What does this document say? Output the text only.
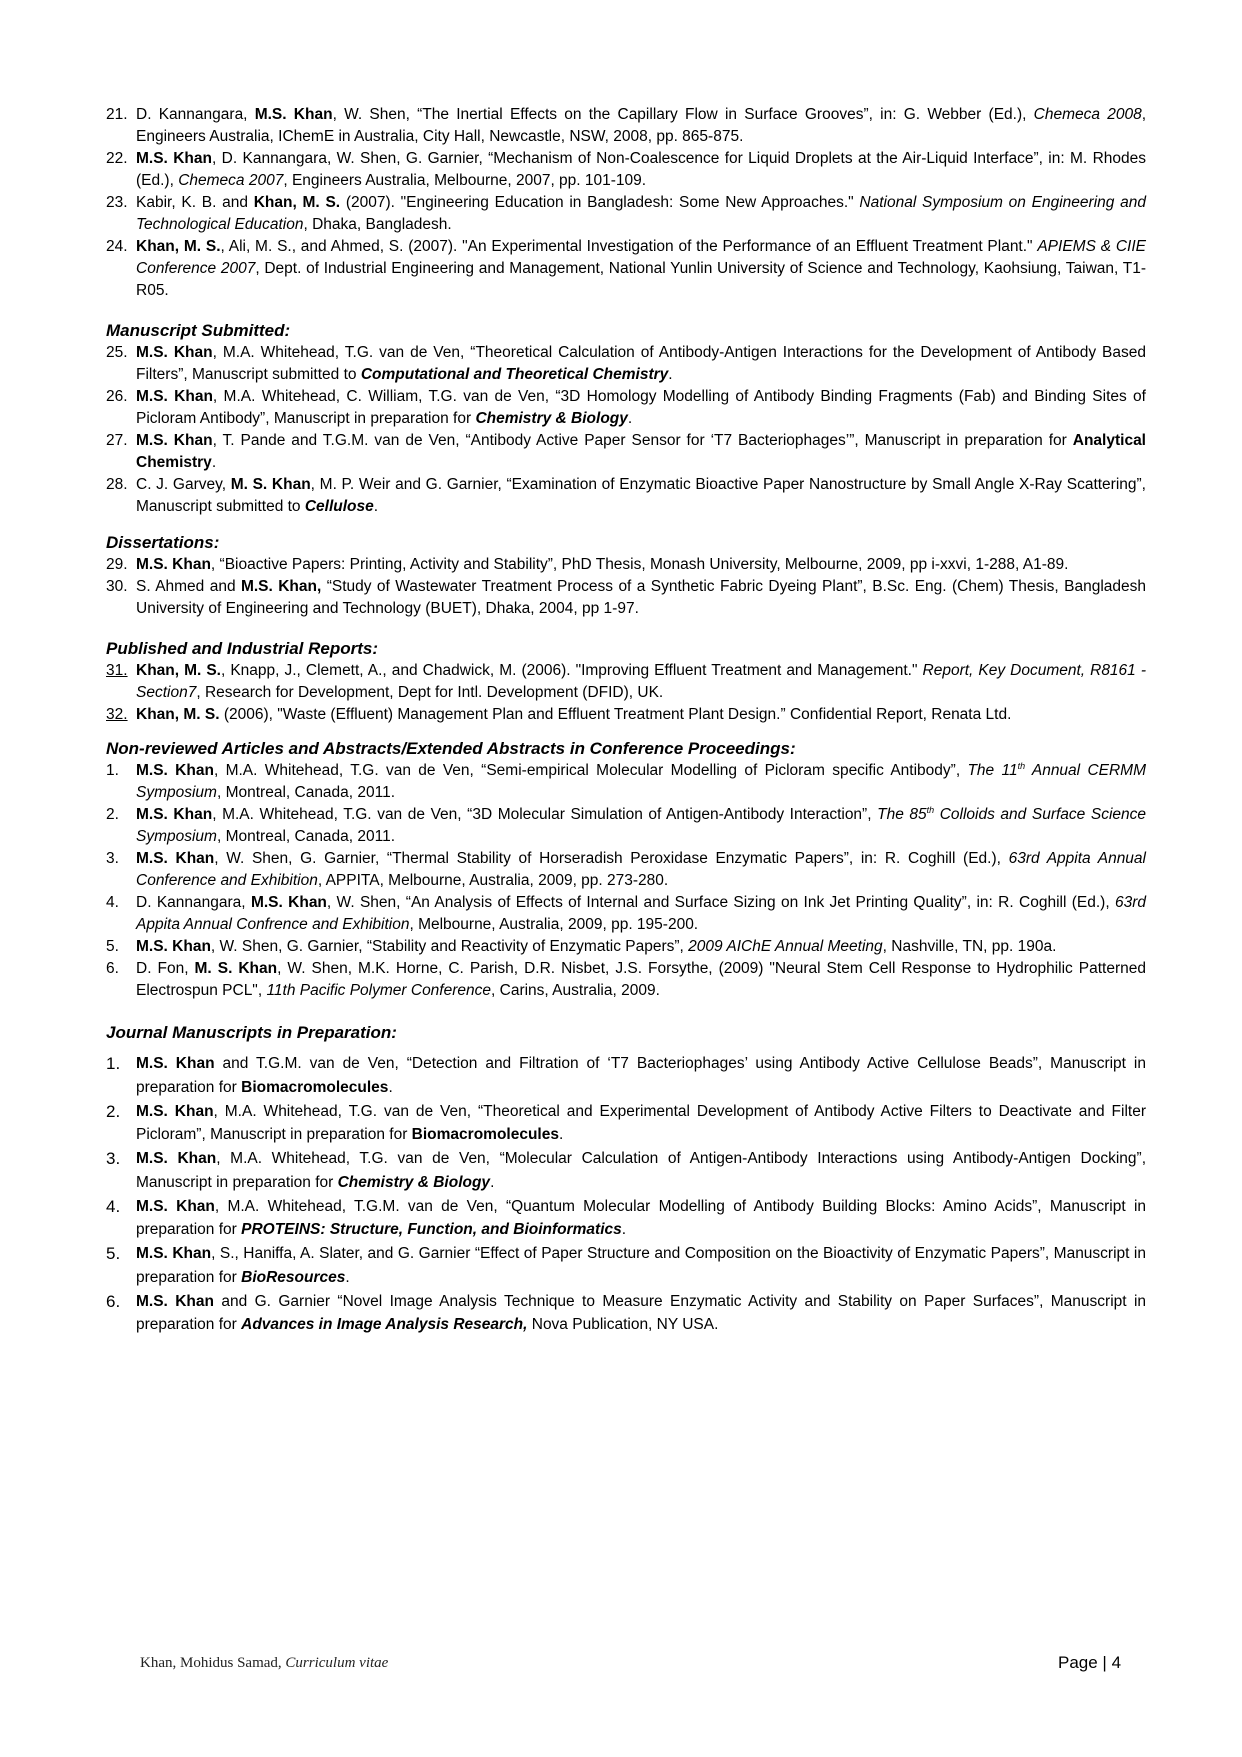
21. D. Kannangara, M.S. Khan, W. Shen, “The Inertial Effects on the Capillary Flow in Surface Grooves”, in: G. Webber (Ed.), Chemeca 2008, Engineers Australia, IChemE in Australia, City Hall, Newcastle, NSW, 2008, pp. 865-875.
22. M.S. Khan, D. Kannangara, W. Shen, G. Garnier, “Mechanism of Non-Coalescence for Liquid Droplets at the Air-Liquid Interface”, in: M. Rhodes (Ed.), Chemeca 2007, Engineers Australia, Melbourne, 2007, pp. 101-109.
23. Kabir, K. B. and Khan, M. S. (2007). "Engineering Education in Bangladesh: Some New Approaches." National Symposium on Engineering and Technological Education, Dhaka, Bangladesh.
24. Khan, M. S., Ali, M. S., and Ahmed, S. (2007). "An Experimental Investigation of the Performance of an Effluent Treatment Plant." APIEMS & CIIE Conference 2007, Dept. of Industrial Engineering and Management, National Yunlin University of Science and Technology, Kaohsiung, Taiwan, T1-R05.
Manuscript Submitted:
25. M.S. Khan, M.A. Whitehead, T.G. van de Ven, “Theoretical Calculation of Antibody-Antigen Interactions for the Development of Antibody Based Filters”, Manuscript submitted to Computational and Theoretical Chemistry.
26. M.S. Khan, M.A. Whitehead, C. William, T.G. van de Ven, “3D Homology Modelling of Antibody Binding Fragments (Fab) and Binding Sites of Picloram Antibody”, Manuscript in preparation for Chemistry & Biology.
27. M.S. Khan, T. Pande and T.G.M. van de Ven, “Antibody Active Paper Sensor for ‘T7 Bacteriophages’”, Manuscript in preparation for Analytical Chemistry.
28. C. J. Garvey, M. S. Khan, M. P. Weir and G. Garnier, “Examination of Enzymatic Bioactive Paper Nanostructure by Small Angle X-Ray Scattering”, Manuscript submitted to Cellulose.
Dissertations:
29. M.S. Khan, “Bioactive Papers: Printing, Activity and Stability”, PhD Thesis, Monash University, Melbourne, 2009, pp i-xxvi, 1-288, A1-89.
30. S. Ahmed and M.S. Khan, “Study of Wastewater Treatment Process of a Synthetic Fabric Dyeing Plant”, B.Sc. Eng. (Chem) Thesis, Bangladesh University of Engineering and Technology (BUET), Dhaka, 2004, pp 1-97.
Published and Industrial Reports:
31. Khan, M. S., Knapp, J., Clemett, A., and Chadwick, M. (2006). "Improving Effluent Treatment and Management." Report, Key Document, R8161 - Section7, Research for Development, Dept for Intl. Development (DFID), UK.
32. Khan, M. S. (2006), "Waste (Effluent) Management Plan and Effluent Treatment Plant Design.” Confidential Report, Renata Ltd.
Non-reviewed Articles and Abstracts/Extended Abstracts in Conference Proceedings:
1. M.S. Khan, M.A. Whitehead, T.G. van de Ven, “Semi-empirical Molecular Modelling of Picloram specific Antibody”, The 11th Annual CERMM Symposium, Montreal, Canada, 2011.
2. M.S. Khan, M.A. Whitehead, T.G. van de Ven, “3D Molecular Simulation of Antigen-Antibody Interaction”, The 85th Colloids and Surface Science Symposium, Montreal, Canada, 2011.
3. M.S. Khan, W. Shen, G. Garnier, “Thermal Stability of Horseradish Peroxidase Enzymatic Papers”, in: R. Coghill (Ed.), 63rd Appita Annual Conference and Exhibition, APPITA, Melbourne, Australia, 2009, pp. 273-280.
4. D. Kannangara, M.S. Khan, W. Shen, “An Analysis of Effects of Internal and Surface Sizing on Ink Jet Printing Quality”, in: R. Coghill (Ed.), 63rd Appita Annual Confrence and Exhibition, Melbourne, Australia, 2009, pp. 195-200.
5. M.S. Khan, W. Shen, G. Garnier, “Stability and Reactivity of Enzymatic Papers”, 2009 AIChE Annual Meeting, Nashville, TN, pp. 190a.
6. D. Fon, M. S. Khan, W. Shen, M.K. Horne, C. Parish, D.R. Nisbet, J.S. Forsythe, (2009) "Neural Stem Cell Response to Hydrophilic Patterned Electrospun PCL", 11th Pacific Polymer Conference, Carins, Australia, 2009.
Journal Manuscripts in Preparation:
1. M.S. Khan and T.G.M. van de Ven, “Detection and Filtration of ‘T7 Bacteriophages’ using Antibody Active Cellulose Beads”, Manuscript in preparation for Biomacromolecules.
2. M.S. Khan, M.A. Whitehead, T.G. van de Ven, “Theoretical and Experimental Development of Antibody Active Filters to Deactivate and Filter Picloram”, Manuscript in preparation for Biomacromolecules.
3. M.S. Khan, M.A. Whitehead, T.G. van de Ven, “Molecular Calculation of Antigen-Antibody Interactions using Antibody-Antigen Docking”, Manuscript in preparation for Chemistry & Biology.
4. M.S. Khan, M.A. Whitehead, T.G.M. van de Ven, “Quantum Molecular Modelling of Antibody Building Blocks: Amino Acids”, Manuscript in preparation for PROTEINS: Structure, Function, and Bioinformatics.
5. M.S. Khan, S., Haniffa, A. Slater, and G. Garnier “Effect of Paper Structure and Composition on the Bioactivity of Enzymatic Papers”, Manuscript in preparation for BioResources.
6. M.S. Khan and G. Garnier “Novel Image Analysis Technique to Measure Enzymatic Activity and Stability on Paper Surfaces”, Manuscript in preparation for Advances in Image Analysis Research, Nova Publication, NY USA.
Khan, Mohidus Samad, Curriculum vitae	Page | 4
